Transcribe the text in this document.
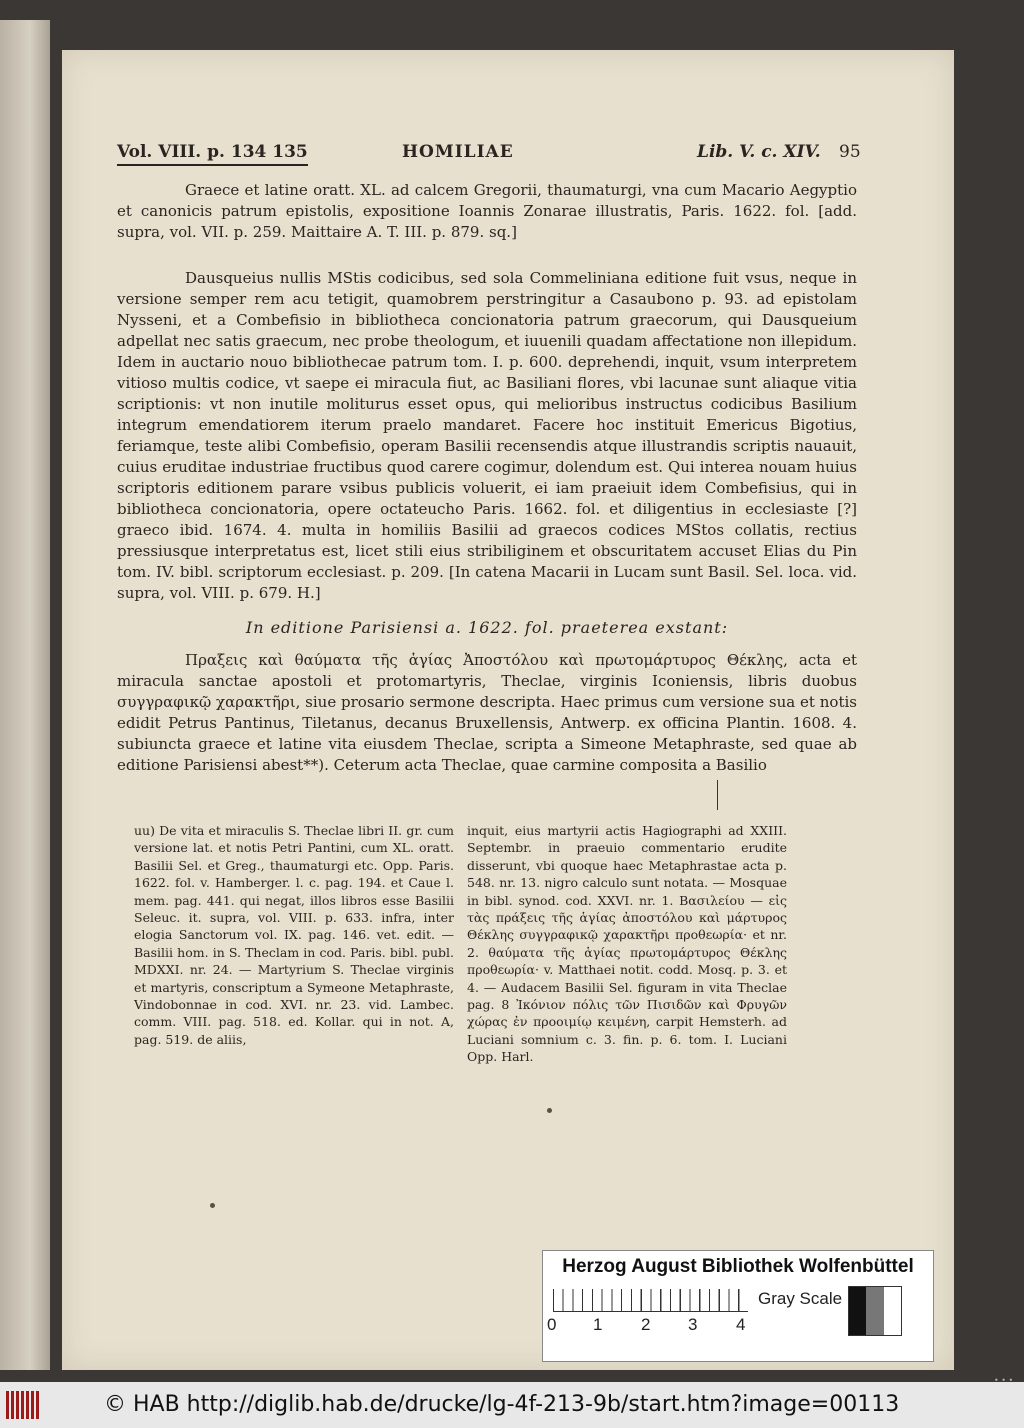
Vol. VIII. p. 134 135	HOMILIAE	Lib. V. c. XIV. 95
Graece et latine oratt. XL. ad calcem Gregorii, thaumaturgi, vna cum Macario Aegyptio et canonicis patrum epistolis, expositione Ioannis Zonarae illustratis, Paris. 1622. fol. [add. supra, vol. VII. p. 259. Maittaire A. T. III. p. 879. sq.]
Dausqueius nullis MStis codicibus, sed sola Commeliniana editione fuit vsus, neque in versione semper rem acu tetigit, quamobrem perstringitur a Casaubono p. 93. ad epistolam Nysseni, et a Combefisio in bibliotheca concionatoria patrum graecorum, qui Dausqueium adpellat nec satis graecum, nec probe theologum, et iuuenili quadam affectatione non illepidum. Idem in auctario nouo bibliothecae patrum tom. I. p. 600. deprehendi, inquit, vsum interpretem vitioso multis codice, vt saepe ei miracula fiut, ac Basiliani flores, vbi lacunae sunt aliaque vitia scriptionis: vt non inutile moliturus esset opus, qui melioribus instructus codicibus Basilium integrum emendatiorem iterum praelo mandaret. Facere hoc instituit Emericus Bigotius, feriamque, teste alibi Combefisio, operam Basilii recensendis atque illustrandis scriptis nauauit, cuius eruditae industriae fructibus quod carere cogimur, dolendum est. Qui interea nouam huius scriptoris editionem parare vsibus publicis voluerit, ei iam praeiuit idem Combefisius, qui in bibliotheca concionatoria, opere octateucho Paris. 1662. fol. et diligentius in ecclesiaste [?] graeco ibid. 1674. 4. multa in homiliis Basilii ad graecos codices MStos collatis, rectius pressiusque interpretatus est, licet stili eius stribiliginem et obscuritatem accuset Elias du Pin tom. IV. bibl. scriptorum ecclesiast. p. 209. [In catena Macarii in Lucam sunt Basil. Sel. loca. vid. supra, vol. VIII. p. 679. H.]
In editione Parisiensi a. 1622. fol. praeterea exstant:
Πραξεις καὶ θαύματα τῆς ἁγίας Ἀποστόλου καὶ πρωτομάρτυρος Θέκλης, acta et miracula sanctae apostoli et protomartyris, Theclae, virginis Iconiensis, libris duobus συγγραφικῷ χαρακτῆρι, siue prosario sermone descripta. Haec primus cum versione sua et notis edidit Petrus Pantinus, Tiletanus, decanus Bruxellensis, Antwerp. ex officina Plantin. 1608. 4. subiuncta graece et latine vita eiusdem Theclae, scripta a Simeone Metaphraste, sed quae ab editione Parisiensi abest**). Ceterum acta Theclae, quae carmine composita a Basilio
uu) De vita et miraculis S. Theclae libri II. gr. cum versione lat. et notis Petri Pantini, cum XL. oratt. Basilii Sel. et Greg., thaumaturgi etc. Opp. Paris. 1622. fol. v. Hamberger. l. c. pag. 194. et Caue l. mem. pag. 441. qui negat, illos libros esse Basilii Seleuc. it. supra, vol. VIII. p. 633. infra, inter elogia Sanctorum vol. IX. pag. 146. vet. edit. — Basilii hom. in S. Theclam in cod. Paris. bibl. publ. MDXXI. nr. 24. — Martyrium S. Theclae virginis et martyris, conscriptum a Symeone Metaphraste, Vindobonnae in cod. XVI. nr. 23. vid. Lambec. comm. VIII. pag. 518. ed. Kollar. qui in not. A, pag. 519. de aliis,
inquit, eius martyrii actis Hagiographi ad XXIII. Septembr. in praeuio commentario erudite disserunt, vbi quoque haec Metaphrastae acta p. 548. nr. 13. nigro calculo sunt notata. — Mosquae in bibl. synod. cod. XXVI. nr. 1. Βασιλείου — εἰς τὰς πράξεις τῆς ἁγίας ἀποστόλου καὶ μάρτυρος Θέκλης συγγραφικῷ χαρακτῆρι προθεωρία· et nr. 2. θαύματα τῆς ἁγίας πρωτομάρτυρος Θέκλης προθεωρία· v. Matthaei notit. codd. Mosq. p. 3. et 4. — Audacem Basilii Sel. figuram in vita Theclae pag. 8 Ἰκόνιον πόλις τῶν Πισιδῶν καὶ Φρυγῶν χώρας ἐν προοιμίῳ κειμένη, carpit Hemsterh. ad Luciani somnium c. 3. fin. p. 6. tom. I. Luciani Opp. Harl.
Herzog August Bibliothek Wolfenbüttel
0 1 2 3 4
Gray Scale
© HAB http://diglib.hab.de/drucke/lg-4f-213-9b/start.htm?image=00113
• • •
